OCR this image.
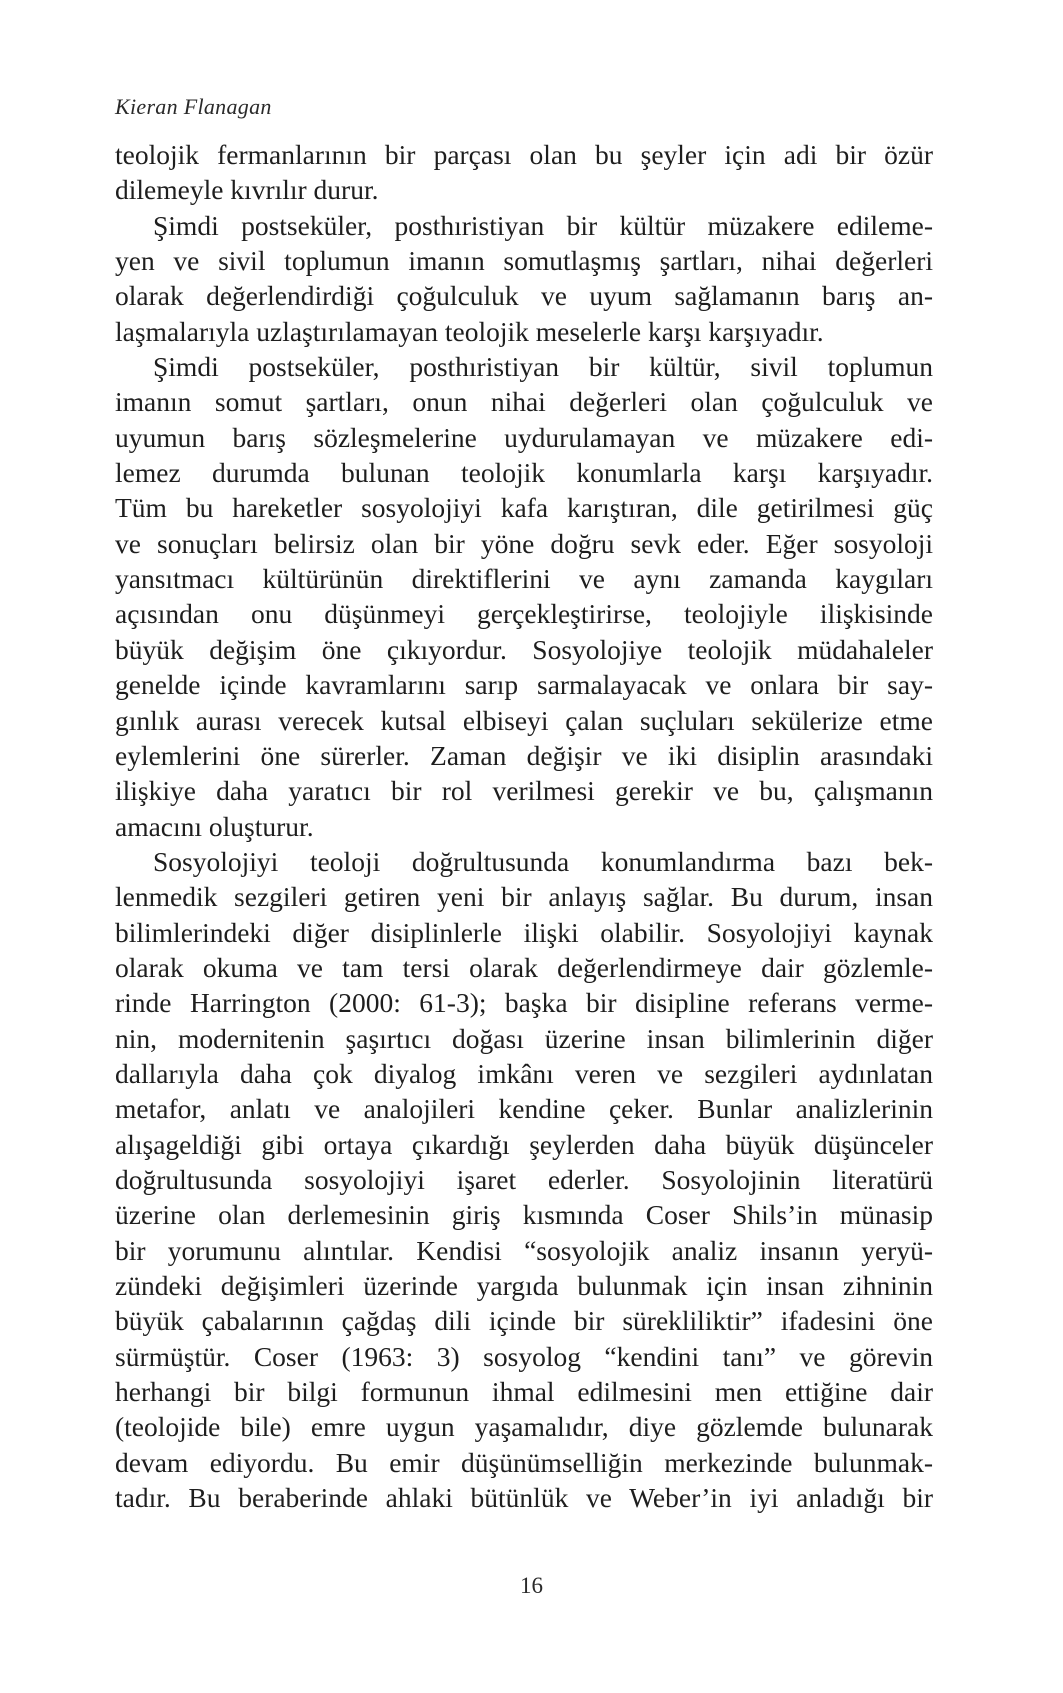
Kieran Flanagan
teolojik fermanlarının bir parçası olan bu şeyler için adi bir özür
dilemeyle kıvrılır durur.
Şimdi postseküler, posthıristiyan bir kültür müzakere edileme-
yen ve sivil toplumun imanın somutlaşmış şartları, nihai değerleri
olarak değerlendirdiği çoğulculuk ve uyum sağlamanın barış an-
laşmalarıyla uzlaştırılamayan teolojik meselerle karşı karşıyadır.
Şimdi postseküler, posthıristiyan bir kültür, sivil toplumun
imanın somut şartları, onun nihai değerleri olan çoğulculuk ve
uyumun barış sözleşmelerine uydurulamayan ve müzakere edi-
lemez durumda bulunan teolojik konumlarla karşı karşıyadır.
Tüm bu hareketler sosyolojiyi kafa karıştıran, dile getirilmesi güç
ve sonuçları belirsiz olan bir yöne doğru sevk eder. Eğer sosyoloji
yansıtmacı kültürünün direktiflerini ve aynı zamanda kaygıları
açısından onu düşünmeyi gerçekleştirirse, teolojiyle ilişkisinde
büyük değişim öne çıkıyordur. Sosyolojiye teolojik müdahaleler
genelde içinde kavramlarını sarıp sarmalayacak ve onlara bir say-
gınlık aurası verecek kutsal elbiseyi çalan suçluları sekülerize etme
eylemlerini öne sürerler. Zaman değişir ve iki disiplin arasındaki
ilişkiye daha yaratıcı bir rol verilmesi gerekir ve bu, çalışmanın
amacını oluşturur.
Sosyolojiyi teoloji doğrultusunda konumlandırma bazı bek-
lenmedik sezgileri getiren yeni bir anlayış sağlar. Bu durum, insan
bilimlerindeki diğer disiplinlerle ilişki olabilir. Sosyolojiyi kaynak
olarak okuma ve tam tersi olarak değerlendirmeye dair gözlemle-
rinde Harrington (2000: 61-3); başka bir disipline referans verme-
nin, modernitenin şaşırtıcı doğası üzerine insan bilimlerinin diğer
dallarıyla daha çok diyalog imkânı veren ve sezgileri aydınlatan
metafor, anlatı ve analojileri kendine çeker. Bunlar analizlerinin
alışageldiği gibi ortaya çıkardığı şeylerden daha büyük düşünceler
doğrultusunda sosyolojiyi işaret ederler. Sosyolojinin literatürü
üzerine olan derlemesinin giriş kısmında Coser Shils’in münasip
bir yorumunu alıntılar. Kendisi “sosyolojik analiz insanın yeryü-
zündeki değişimleri üzerinde yargıda bulunmak için insan zihninin
büyük çabalarının çağdaş dili içinde bir sürekliliktir” ifadesini öne
sürmüştür. Coser (1963: 3) sosyolog “kendini tanı” ve görevin
herhangi bir bilgi formunun ihmal edilmesini men ettiğine dair
(teolojide bile) emre uygun yaşamalıdır, diye gözlemde bulunarak
devam ediyordu. Bu emir düşünümselliğin merkezinde bulunmak-
tadır. Bu beraberinde ahlaki bütünlük ve Weber’in iyi anladığı bir
16
